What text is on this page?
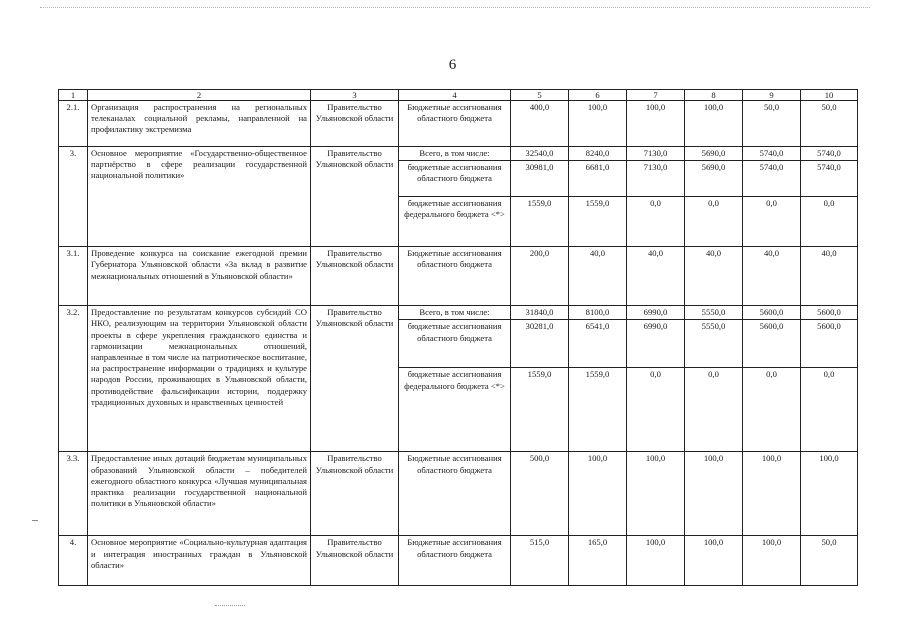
6
1	2	3	4	5	6	7	8	9	10
2.1.	Организация распространения на региональных телеканалах социальной рекламы, направленной на профилактику экстремизма	Правительство Ульяновской области	Бюджетные ассигнования областного бюджета	400,0	100,0	100,0	100,0	50,0	50,0
3.	Основное мероприятие «Государственно-общественное партнёрство в сфере реализации государственной национальной политики»	Правительство Ульяновской области	Всего, в том числе:	32540,0	8240,0	7130,0	5690,0	5740,0	5740,0
			бюджетные ассигнования областного бюджета	30981,0	6681,0	7130,0	5690,0	5740,0	5740,0
			бюджетные ассигнования федерального бюджета <*>	1559,0	1559,0	0,0	0,0	0,0	0,0
3.1.	Проведение конкурса на соискание ежегодной премии Губернатора Ульяновской области «За вклад в развитие межнациональных отношений в Ульяновской области»	Правительство Ульяновской области	Бюджетные ассигнования областного бюджета	200,0	40,0	40,0	40,0	40,0	40,0
3.2.	Предоставление по результатам конкурсов субсидий СО НКО, реализующим на территории Ульяновской области проекты в сфере укрепления гражданского единства и гармонизации межнациональных отношений, направленные в том числе на патриотическое воспитание, на распространение информации о традициях и культуре народов России, проживающих в Ульяновской области, противодействие фальсификации истории, поддержку традиционных духовных и нравственных ценностей	Правительство Ульяновской области	Всего, в том числе:	31840,0	8100,0	6990,0	5550,0	5600,0	5600,0
			бюджетные ассигнования областного бюджета	30281,0	6541,0	6990,0	5550,0	5600,0	5600,0
			бюджетные ассигнования федерального бюджета <*>	1559,0	1559,0	0,0	0,0	0,0	0,0
3.3.	Предоставление иных дотаций бюджетам муниципальных образований Ульяновской области – победителей ежегодного областного конкурса «Лучшая муниципальная практика реализации государственной национальной политики в Ульяновской области»	Правительство Ульяновской области	Бюджетные ассигнования областного бюджета	500,0	100,0	100,0	100,0	100,0	100,0
4.	Основное мероприятие «Социально-культурная адаптация и интеграция иностранных граждан в Ульяновской области»	Правительство Ульяновской области	Бюджетные ассигнования областного бюджета	515,0	165,0	100,0	100,0	100,0	50,0
